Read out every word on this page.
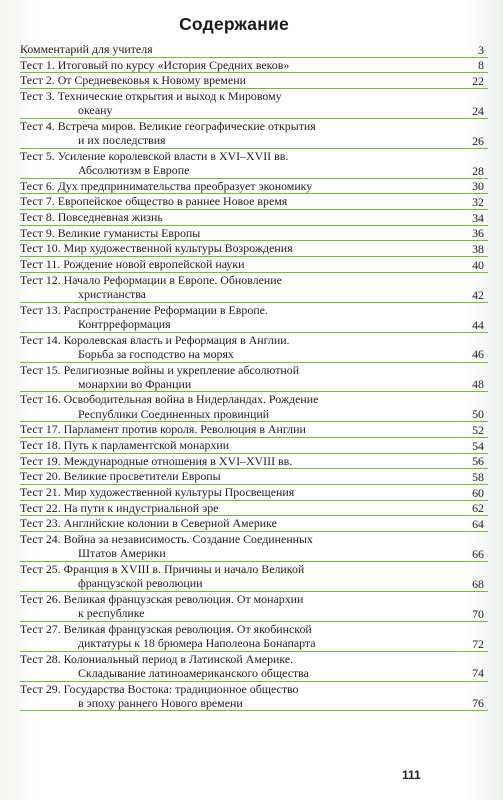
Содержание
Комментарий для учителя	3
Тест 1. Итоговый по курсу «История Средних веков»	8
Тест 2. От Средневековья к Новому времени	22
Тест 3. Технические открытия и выход к Мировому
океану	24
Тест 4. Встреча миров. Великие географические открытия
и их последствия	26
Тест 5. Усиление королевской власти в XVI–XVII вв.
Абсолютизм в Европе	28
Тест 6. Дух предпринимательства преобразует экономику	30
Тест 7. Европейское общество в раннее Новое время	32
Тест 8. Повседневная жизнь	34
Тест 9. Великие гуманисты Европы	36
Тест 10. Мир художественной культуры Возрождения	38
Тест 11. Рождение новой европейской науки	40
Тест 12. Начало Реформации в Европе. Обновление
христианства	42
Тест 13. Распространение Реформации в Европе.
Контрреформация	44
Тест 14. Королевская власть и Реформация в Англии.
Борьба за господство на морях	46
Тест 15. Религиозные войны и укрепление абсолютной
монархии во Франции	48
Тест 16. Освободительная война в Нидерландах. Рождение
Республики Соединенных провинций	50
Тест 17. Парламент против короля. Революция в Англии	52
Тест 18. Путь к парламентской монархии	54
Тест 19. Международные отношения в XVI–XVIII вв.	56
Тест 20. Великие просветители Европы	58
Тест 21. Мир художественной культуры Просвещения	60
Тест 22. На пути к индустриальной эре	62
Тест 23. Английские колонии в Северной Америке	64
Тест 24. Война за независимость. Создание Соединенных
Штатов Америки	66
Тест 25. Франция в XVIII в. Причины и начало Великой
французской революции	68
Тест 26. Великая французская революция. От монархии
к республике	70
Тест 27. Великая французская революция. От якобинской
диктатуры к 18 брюмера Наполеона Бонапарта	72
Тест 28. Колониальный период в Латинской Америке.
Складывание латиноамериканского общества	74
Тест 29. Государства Востока: традиционное общество
в эпоху раннего Нового времени	76
111
